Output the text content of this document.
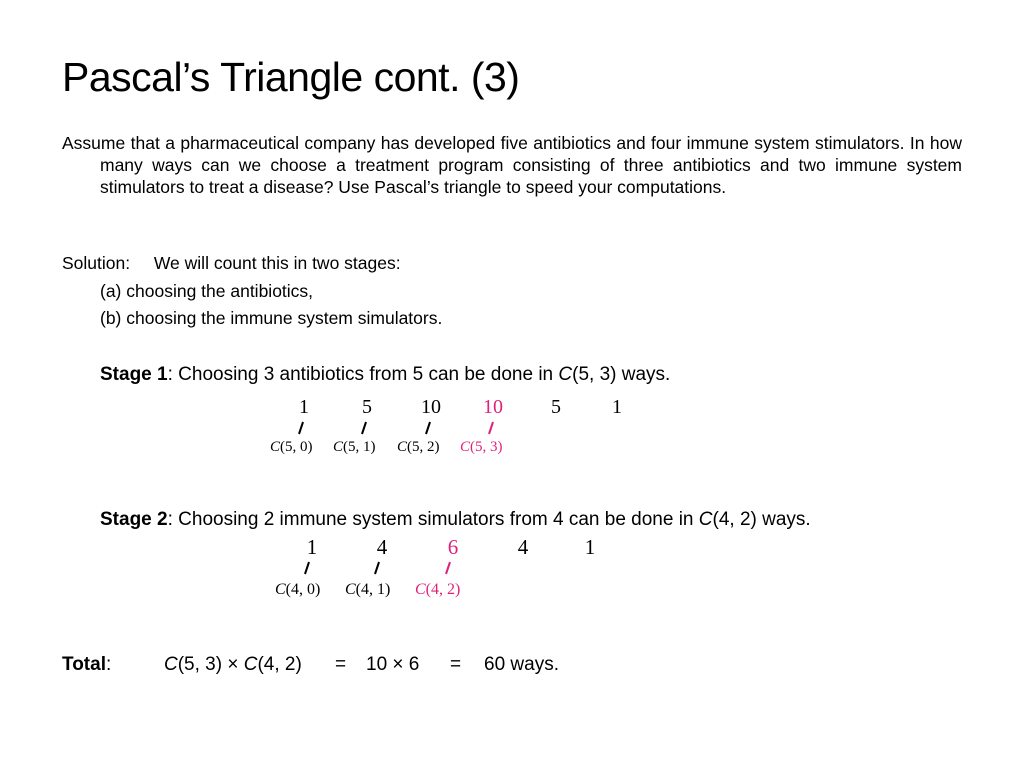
Pascal’s Triangle cont. (3)
Assume that a pharmaceutical company has developed five antibiotics and four immune system stimulators. In how many ways can we choose a treatment program consisting of three antibiotics and two immune system stimulators to treat a disease? Use Pascal’s triangle to speed your computations.
Solution: We will count this in two stages:
(a) choosing the antibiotics,
(b) choosing the immune system simulators.
Stage 1: Choosing 3 antibiotics from 5 can be done in C(5, 3) ways.
1	5	10	10	5	1
C(5, 0) C(5, 1) C(5, 2) C(5, 3)
Stage 2: Choosing 2 immune system simulators from 4 can be done in C(4, 2) ways.
1	4	6	4	1
C(4, 0) C(4, 1) C(4, 2)
Total:	C(5, 3) × C(4, 2) = 10 × 6 = 60 ways.
